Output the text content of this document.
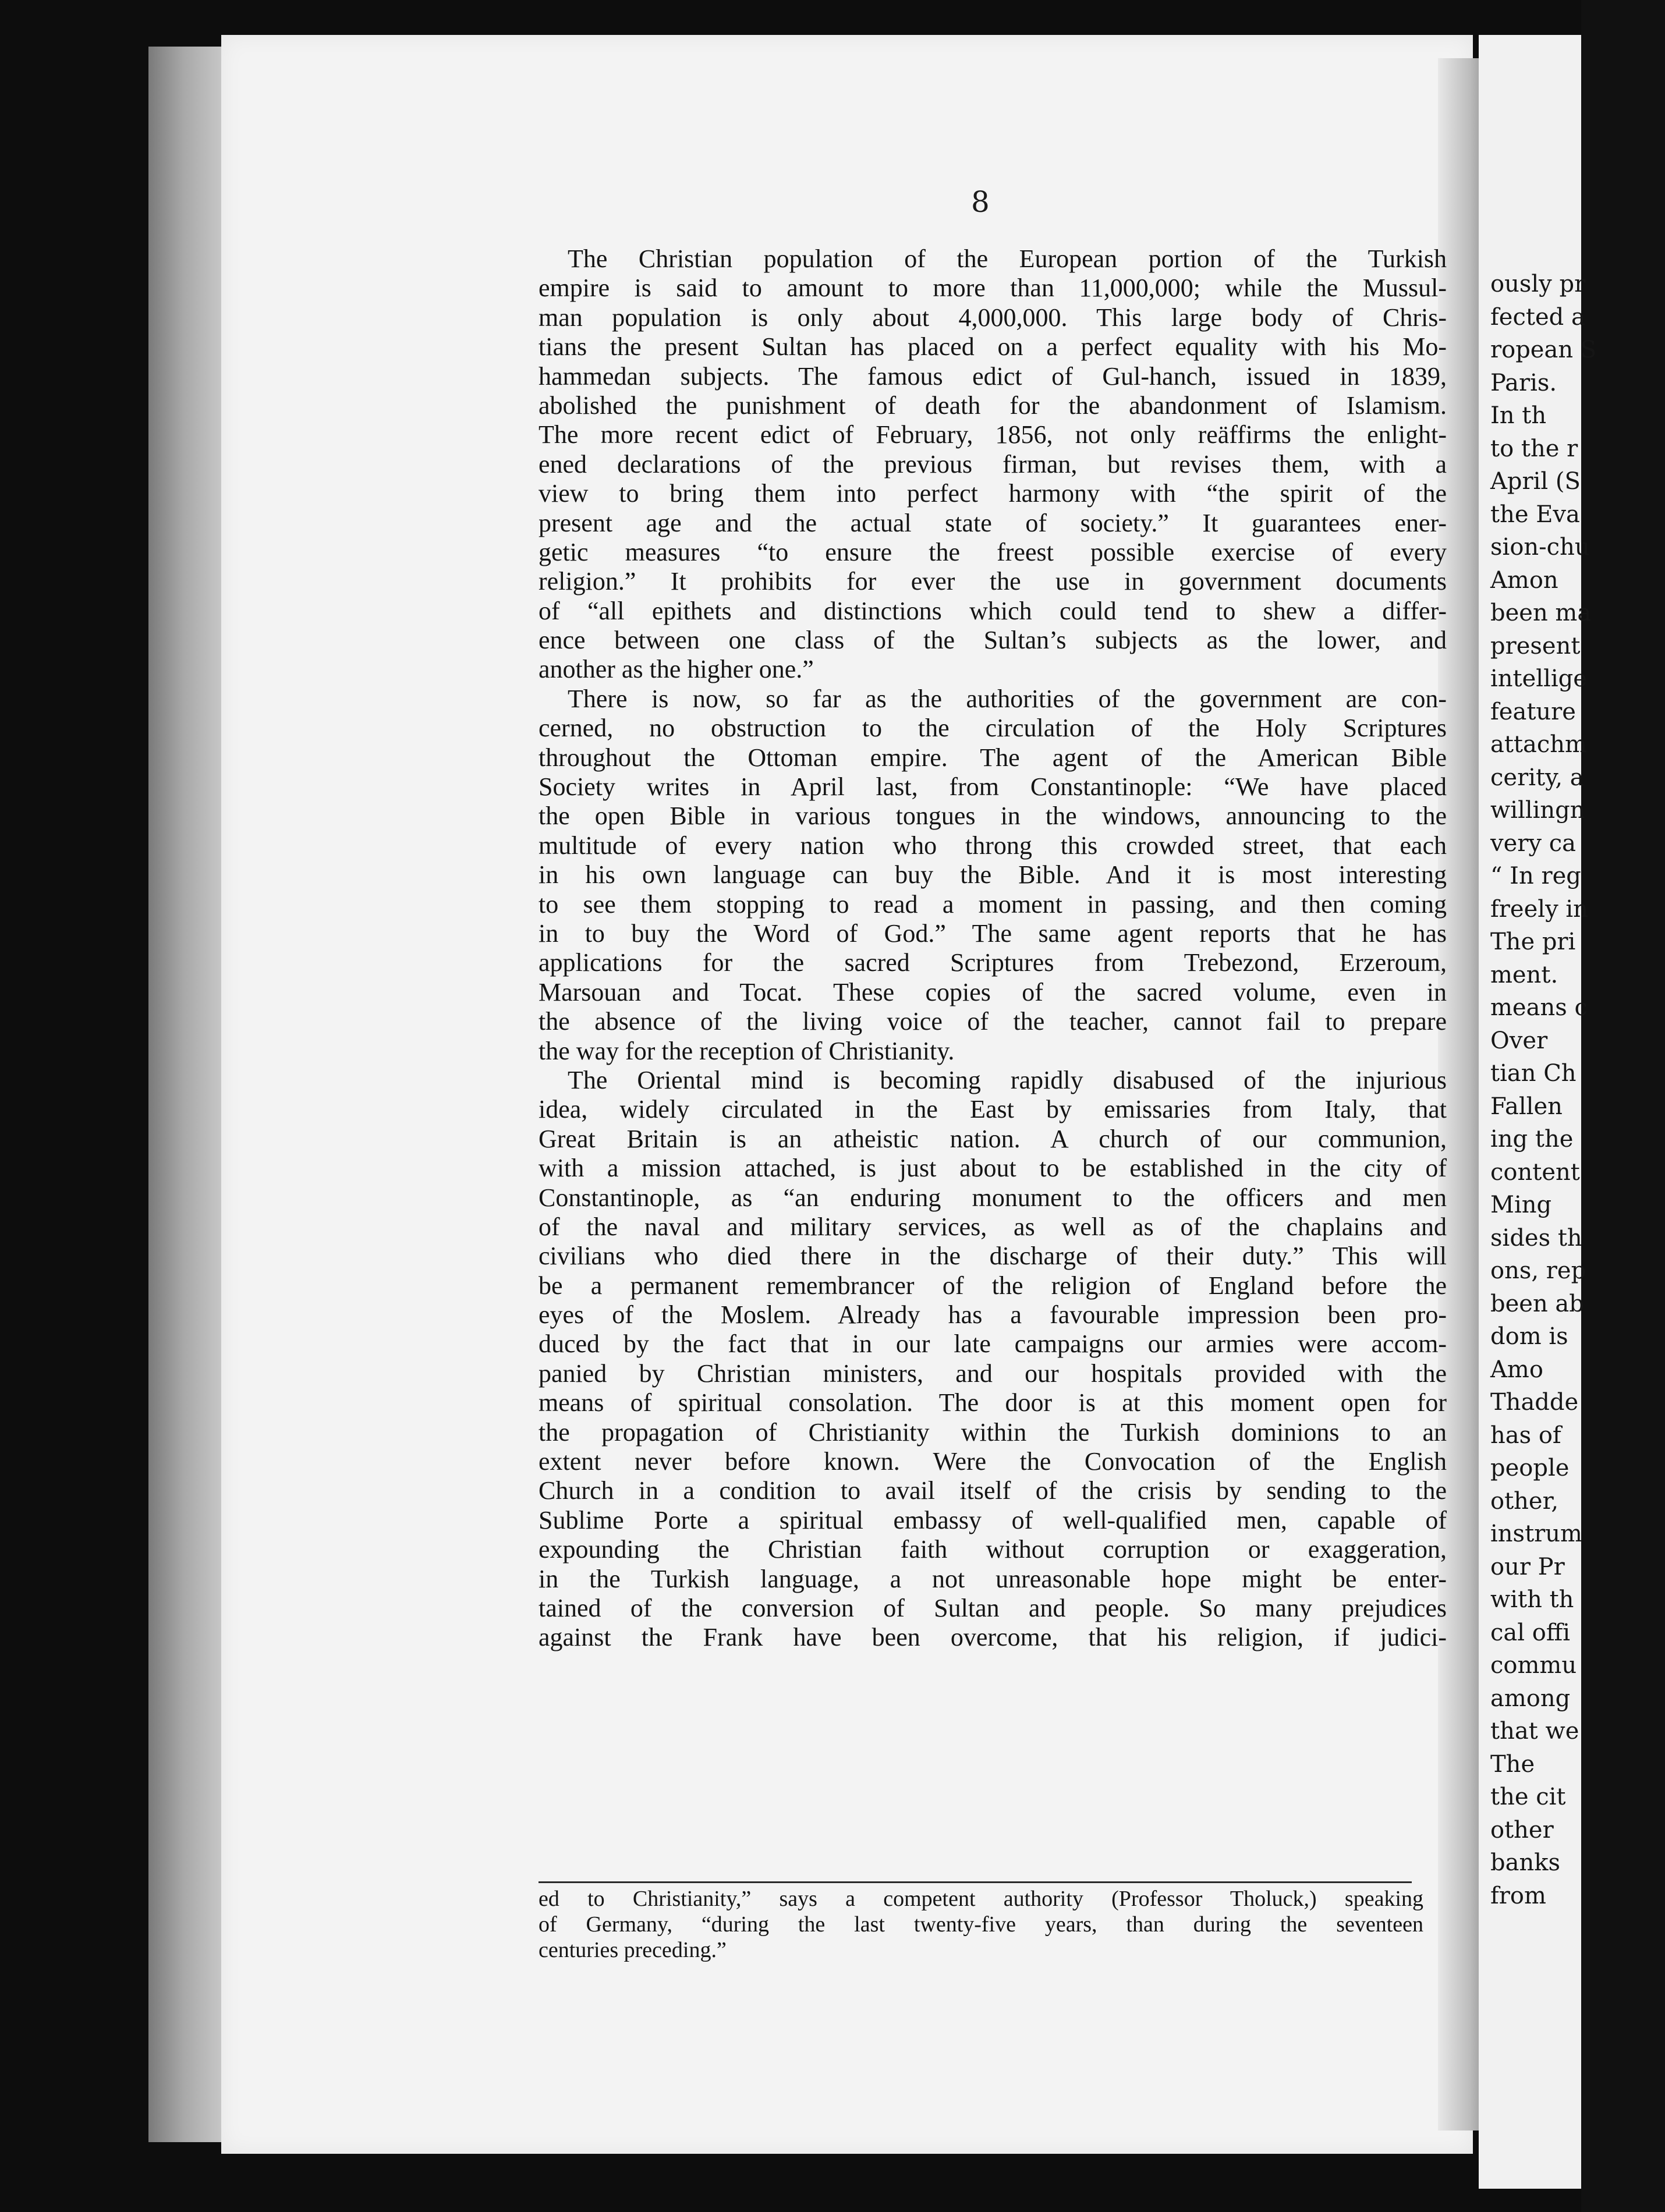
ously pr
fected a
ropean S
Paris.
In th
to the r
April (S
the Eva
sion-chu
Amon
been ma
present
intellige
feature
attachm
cerity, a
willingn
very ca
“ In reg
freely in
The pri
ment.
means c
Over
tian Ch
Fallen
ing the
content
Ming
sides th
ons, rep
been ab
dom is
Amo
Thadde
has of
people
other,
instrum
our Pr
with th
cal offi
commu
among
that we
The
the cit
other
banks
from
8
The Christian population of the European portion of the Turkish
empire is said to amount to more than 11,000,000; while the Mussul-
man population is only about 4,000,000. This large body of Chris-
tians the present Sultan has placed on a perfect equality with his Mo-
hammedan subjects. The famous edict of Gul-hanch, issued in 1839,
abolished the punishment of death for the abandonment of Islamism.
The more recent edict of February, 1856, not only reäffirms the enlight-
ened declarations of the previous firman, but revises them, with a
view to bring them into perfect harmony with “the spirit of the
present age and the actual state of society.” It guarantees ener-
getic measures “to ensure the freest possible exercise of every
religion.” It prohibits for ever the use in government documents
of “all epithets and distinctions which could tend to shew a differ-
ence between one class of the Sultan’s subjects as the lower, and
another as the higher one.”
There is now, so far as the authorities of the government are con-
cerned, no obstruction to the circulation of the Holy Scriptures
throughout the Ottoman empire. The agent of the American Bible
Society writes in April last, from Constantinople: “We have placed
the open Bible in various tongues in the windows, announcing to the
multitude of every nation who throng this crowded street, that each
in his own language can buy the Bible. And it is most interesting
to see them stopping to read a moment in passing, and then coming
in to buy the Word of God.” The same agent reports that he has
applications for the sacred Scriptures from Trebezond, Erzeroum,
Marsouan and Tocat. These copies of the sacred volume, even in
the absence of the living voice of the teacher, cannot fail to prepare
the way for the reception of Christianity.
The Oriental mind is becoming rapidly disabused of the injurious
idea, widely circulated in the East by emissaries from Italy, that
Great Britain is an atheistic nation. A church of our communion,
with a mission attached, is just about to be established in the city of
Constantinople, as “an enduring monument to the officers and men
of the naval and military services, as well as of the chaplains and
civilians who died there in the discharge of their duty.” This will
be a permanent remembrancer of the religion of England before the
eyes of the Moslem. Already has a favourable impression been pro-
duced by the fact that in our late campaigns our armies were accom-
panied by Christian ministers, and our hospitals provided with the
means of spiritual consolation. The door is at this moment open for
the propagation of Christianity within the Turkish dominions to an
extent never before known. Were the Convocation of the English
Church in a condition to avail itself of the crisis by sending to the
Sublime Porte a spiritual embassy of well-qualified men, capable of
expounding the Christian faith without corruption or exaggeration,
in the Turkish language, a not unreasonable hope might be enter-
tained of the conversion of Sultan and people. So many prejudices
against the Frank have been overcome, that his religion, if judici-
ed to Christianity,” says a competent authority (Professor Tholuck,) speaking
of Germany, “during the last twenty-five years, than during the seventeen
centuries preceding.”
